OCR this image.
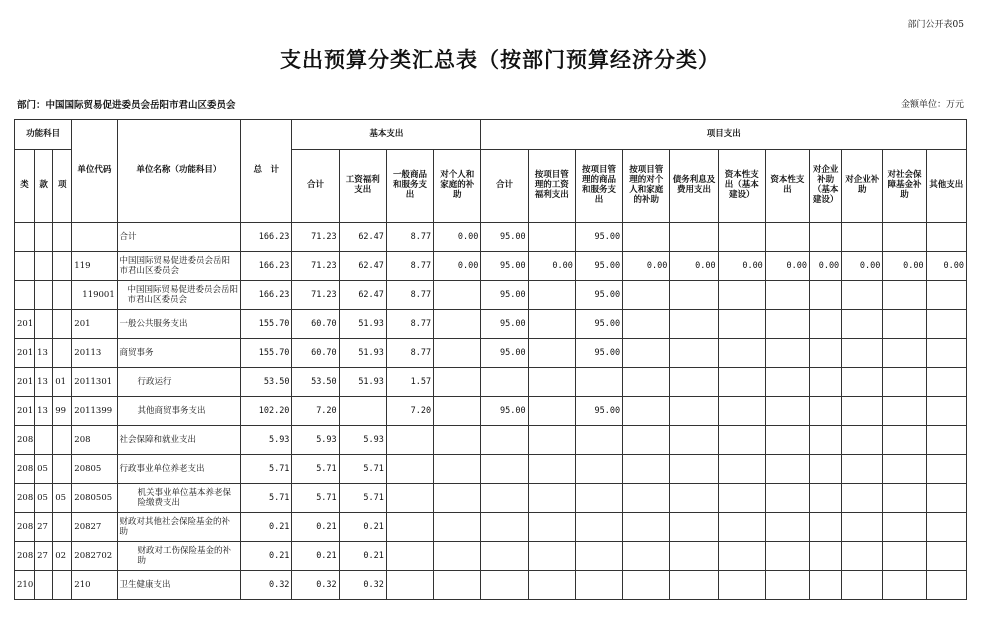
部门公开表05
支出预算分类汇总表（按部门预算经济分类）
部门：中国国际贸易促进委员会岳阳市君山区委员会	金额单位：万元
功能科目			单位代码	单位名称（功能科目）	总　计	基本支出				项目支出										
类	款	项				合计	工资福利支出	一般商品和服务支出	对个人和家庭的补助	合计	按项目管理的工资福利支出	按项目管理的商品和服务支出	按项目管理的对个人和家庭的补助	债务利息及费用支出	资本性支出（基本建设）	资本性支出	对企业补助（基本建设）	对企业补助	对社会保障基金补助	其他支出
				合计	166.23	71.23	62.47	8.77	0.00	95.00		95.00								
			119	中国国际贸易促进委员会岳阳市君山区委员会	166.23	71.23	62.47	8.77	0.00	95.00	0.00	95.00	0.00	0.00	0.00	0.00	0.00	0.00	0.00	0.00
			119001	中国国际贸易促进委员会岳阳市君山区委员会	166.23	71.23	62.47	8.77		95.00		95.00								
201			201	一般公共服务支出	155.70	60.70	51.93	8.77		95.00		95.00								
201	13		20113	商贸事务	155.70	60.70	51.93	8.77		95.00		95.00								
201	13	01	2011301	行政运行	53.50	53.50	51.93	1.57												
201	13	99	2011399	其他商贸事务支出	102.20	7.20		7.20		95.00		95.00								
208			208	社会保障和就业支出	5.93	5.93	5.93													
208	05		20805	行政事业单位养老支出	5.71	5.71	5.71													
208	05	05	2080505	机关事业单位基本养老保险缴费支出	5.71	5.71	5.71													
208	27		20827	财政对其他社会保险基金的补助	0.21	0.21	0.21													
208	27	02	2082702	财政对工伤保险基金的补助	0.21	0.21	0.21													
210			210	卫生健康支出	0.32	0.32	0.32													
